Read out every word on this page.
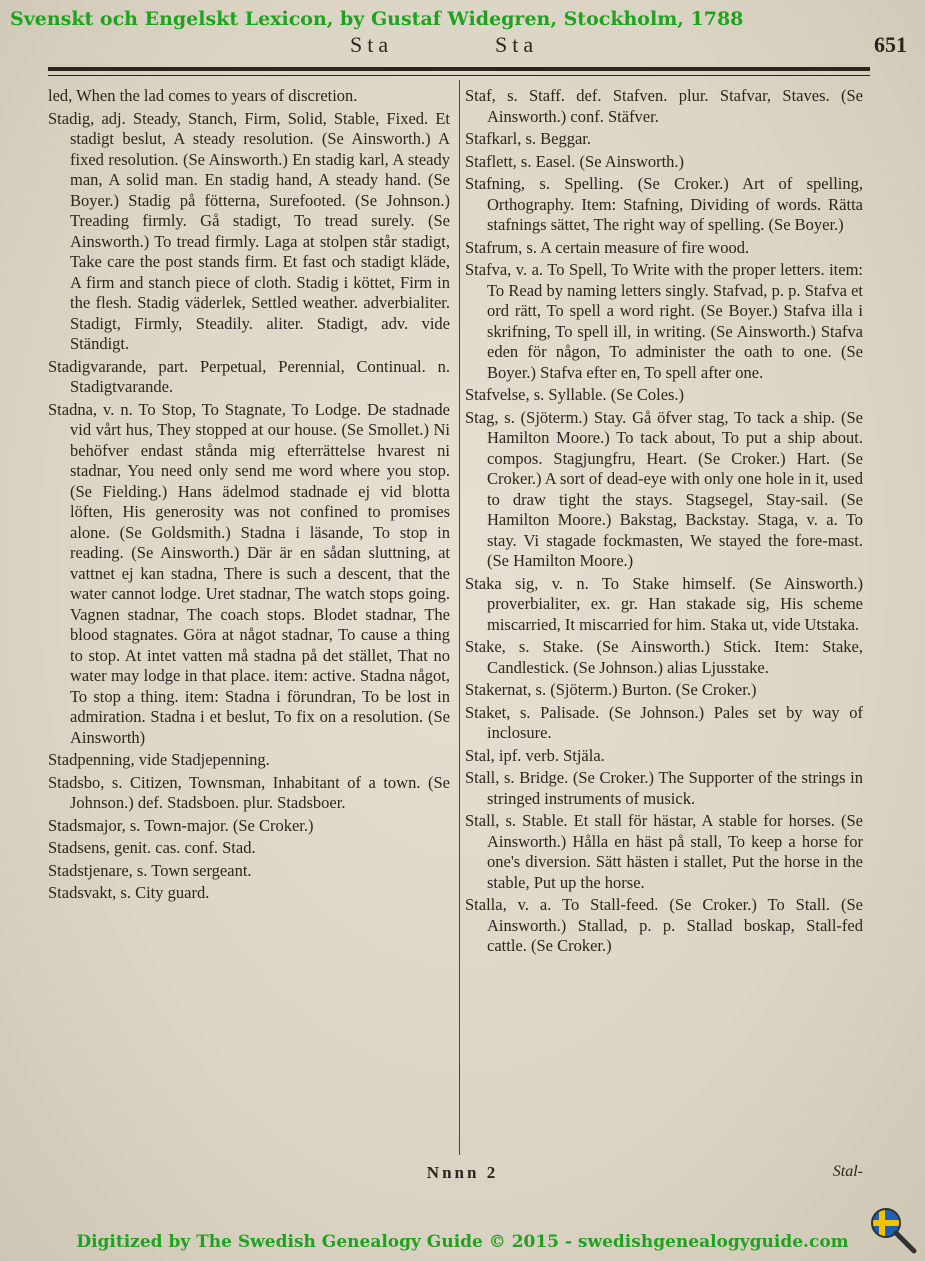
Svenskt och Engelskt Lexicon, by Gustaf Widegren, Stockholm, 1788
Sta	Sta	651

led, When the lad comes to years of discretion.

Stadig, adj. Steady, Stanch, Firm, Solid, Stable, Fixed. Et stadigt beslut, A steady resolution. (Se Ainsworth.) A fixed resolution. (Se Ainsworth.) En stadig karl, A steady man, A solid man. En stadig hand, A steady hand. (Se Boyer.) Stadig på fötterna, Surefooted. (Se Johnson.) Treading firmly. Gå stadigt, To tread surely. (Se Ainsworth.) To tread firmly. Laga at stolpen står stadigt, Take care the post stands firm. Et fast och stadigt kläde, A firm and stanch piece of cloth. Stadig i köttet, Firm in the flesh. Stadig väderlek, Settled weather. adverbialiter. Stadigt, Firmly, Steadily. aliter. Stadigt, adv. vide Ständigt.

Stadigvarande, part. Perpetual, Perennial, Continual. n. Stadigtvarande.

Stadna, v. n. To Stop, To Stagnate, To Lodge. De stadnade vid vårt hus, They stopped at our house. (Se Smollet.) Ni behöfver endast stånda mig efterrättelse hvarest ni stadnar, You need only send me word where you stop. (Se Fielding.) Hans ädelmod stadnade ej vid blotta löften, His generosity was not confined to promises alone. (Se Goldsmith.) Stadna i läsande, To stop in reading. (Se Ainsworth.) Där är en sådan sluttning, at vattnet ej kan stadna, There is such a descent, that the water cannot lodge. Uret stadnar, The watch stops going. Vagnen stadnar, The coach stops. Blodet stadnar, The blood stagnates. Göra at något stadnar, To cause a thing to stop. At intet vatten må stadna på det stället, That no water may lodge in that place. item: active. Stadna något, To stop a thing. item: Stadna i förundran, To be lost in admiration. Stadna i et beslut, To fix on a resolution. (Se Ainsworth)

Stadpenning, vide Stadjepenning.

Stadsbo, s. Citizen, Townsman, Inhabitant of a town. (Se Johnson.) def. Stadsboen. plur. Stadsboer.

Stadsmajor, s. Town-major. (Se Croker.)

Stadsens, genit. cas. conf. Stad.

Stadstjenare, s. Town sergeant.

Stadsvakt, s. City guard.

Staf, s. Staff. def. Stafven. plur. Stafvar, Staves. (Se Ainsworth.) conf. Stäfver.

Stafkarl, s. Beggar.

Staflett, s. Easel. (Se Ainsworth.)

Stafning, s. Spelling. (Se Croker.) Art of spelling, Orthography. Item: Stafning, Dividing of words. Rätta stafnings sättet, The right way of spelling. (Se Boyer.)

Stafrum, s. A certain measure of fire wood.

Stafva, v. a. To Spell, To Write with the proper letters. item: To Read by naming letters singly. Stafvad, p. p. Stafva et ord rätt, To spell a word right. (Se Boyer.) Stafva illa i skrifning, To spell ill, in writing. (Se Ainsworth.) Stafva eden för någon, To administer the oath to one. (Se Boyer.) Stafva efter en, To spell after one.

Stafvelse, s. Syllable. (Se Coles.)

Stag, s. (Sjöterm.) Stay. Gå öfver stag, To tack a ship. (Se Hamilton Moore.) To tack about, To put a ship about. compos. Stagjungfru, Heart. (Se Croker.) Hart. (Se Croker.) A sort of dead-eye with only one hole in it, used to draw tight the stays. Stagsegel, Stay-sail. (Se Hamilton Moore.) Bakstag, Backstay. Staga, v. a. To stay. Vi stagade fockmasten, We stayed the fore-mast. (Se Hamilton Moore.)

Staka sig, v. n. To Stake himself. (Se Ainsworth.) proverbialiter, ex. gr. Han stakade sig, His scheme miscarried, It miscarried for him. Staka ut, vide Utstaka.

Stake, s. Stake. (Se Ainsworth.) Stick. Item: Stake, Candlestick. (Se Johnson.) alias Ljusstake.

Stakernat, s. (Sjöterm.) Burton. (Se Croker.)

Staket, s. Palisade. (Se Johnson.) Pales set by way of inclosure.

Stal, ipf. verb. Stjäla.

Stall, s. Bridge. (Se Croker.) The Supporter of the strings in stringed instruments of musick.

Stall, s. Stable. Et stall för hästar, A stable for horses. (Se Ainsworth.) Hålla en häst på stall, To keep a horse for one's diversion. Sätt hästen i stallet, Put the horse in the stable, Put up the horse.

Stalla, v. a. To Stall-feed. (Se Croker.) To Stall. (Se Ainsworth.) Stallad, p. p. Stallad boskap, Stall-fed cattle. (Se Croker.)

Nnnn 2	Stal-
Digitized by The Swedish Genealogy Guide © 2015 - swedishgenealogyguide.com
